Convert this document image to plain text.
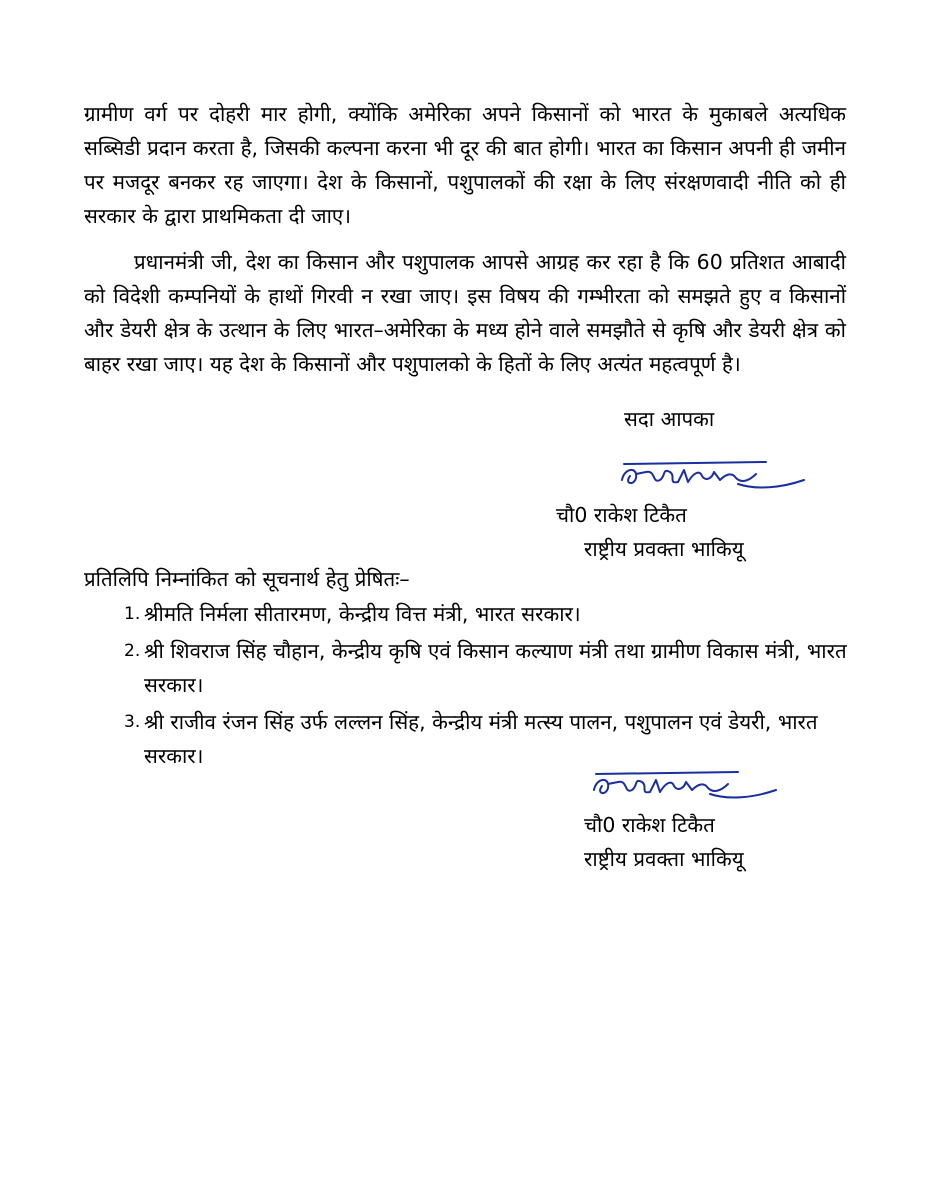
ग्रामीण वर्ग पर दोहरी मार होगी, क्योंकि अमेरिका अपने किसानों को भारत के मुकाबले अत्यधिक सब्सिडी प्रदान करता है, जिसकी कल्पना करना भी दूर की बात होगी। भारत का किसान अपनी ही जमीन पर मजदूर बनकर रह जाएगा। देश के किसानों, पशुपालकों की रक्षा के लिए संरक्षणवादी नीति को ही सरकार के द्वारा प्राथमिकता दी जाए।

प्रधानमंत्री जी, देश का किसान और पशुपालक आपसे आग्रह कर रहा है कि 60 प्रतिशत आबादी को विदेशी कम्पनियों के हाथों गिरवी न रखा जाए। इस विषय की गम्भीरता को समझते हुए व किसानों और डेयरी क्षेत्र के उत्थान के लिए भारत–अमेरिका के मध्य होने वाले समझौते से कृषि और डेयरी क्षेत्र को बाहर रखा जाए। यह देश के किसानों और पशुपालको के हितों के लिए अत्यंत महत्वपूर्ण है।

सदा आपका

चौ0 राकेश टिकैत
राष्ट्रीय प्रवक्ता भाकियू

प्रतिलिपि निम्नांकित को सूचनार्थ हेतु प्रेषितः–

1. श्रीमति निर्मला सीतारमण, केन्द्रीय वित्त मंत्री, भारत सरकार।
2. श्री शिवराज सिंह चौहान, केन्द्रीय कृषि एवं किसान कल्याण मंत्री तथा ग्रामीण विकास मंत्री, भारत सरकार।
3. श्री राजीव रंजन सिंह उर्फ लल्लन सिंह, केन्द्रीय मंत्री मत्स्य पालन, पशुपालन एवं डेयरी, भारत सरकार।
चौ0 राकेश टिकैत
राष्ट्रीय प्रवक्ता भाकियू
